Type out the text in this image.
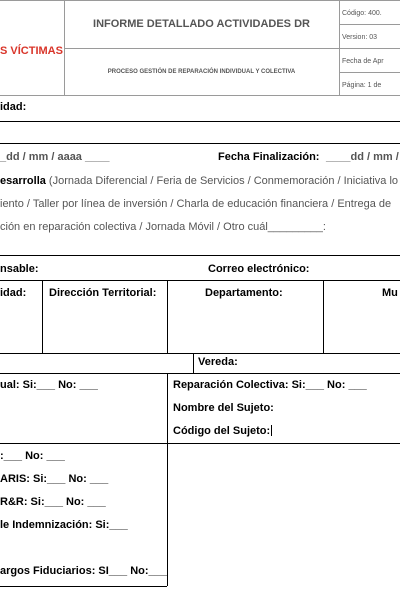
S VÍCTIMAS
INFORME DETALLADO ACTIVIDADES DR
PROCESO GESTIÓN DE REPARACIÓN INDIVIDUAL Y COLECTIVA
Código: 400.
Version: 03
Fecha de Apr
Página: 1 de
idad:
_dd / mm / aaaa ____	Fecha Finalización: ____dd / mm /
esarrolla (Jornada Diferencial / Feria de Servicios / Conmemoración / Iniciativa lo
iento / Taller por línea de inversión / Charla de educación financiera / Entrega de
ción en reparación colectiva / Jornada Móvil / Otro cuál_________:
nsable:	Correo electrónico:
idad: Dirección Territorial:	Departamento:	Mu
Vereda:
ual: Si:___ No: ___	Reparación Colectiva: Si:___ No: ___
Nombre del Sujeto:
Código del Sujeto:
:___ No: ___
ARIS: Si:___ No: ___
R&R: Si:___ No: ___
le Indemnización: Si:___
argos Fiduciarios: SI___ No:___
